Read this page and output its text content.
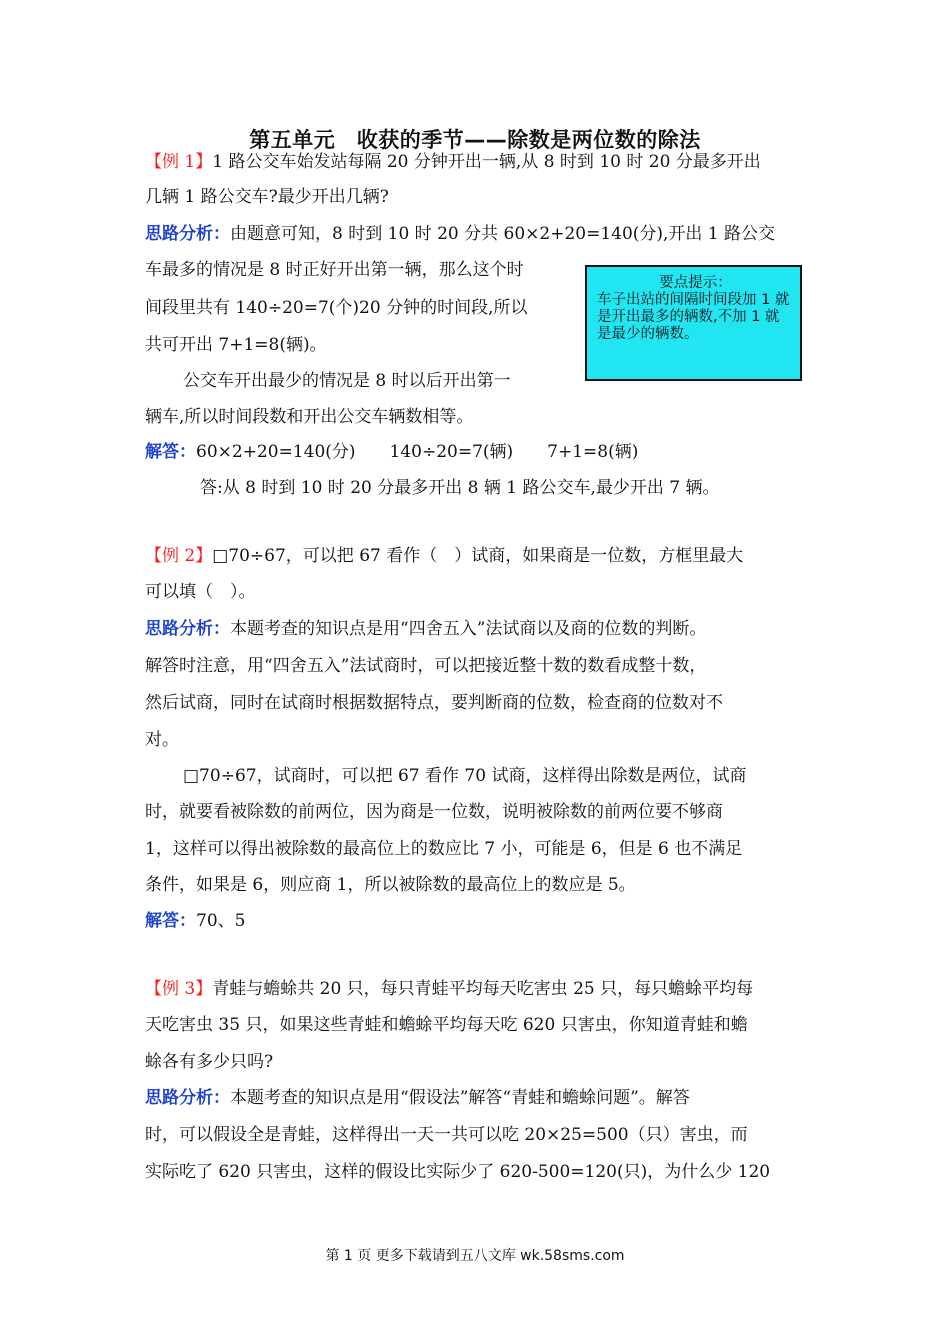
第五单元　收获的季节——除数是两位数的除法
【例 1】1 路公交车始发站每隔 20 分钟开出一辆,从 8 时到 10 时 20 分最多开出
几辆 1 路公交车?最少开出几辆?
思路分析：由题意可知，8 时到 10 时 20 分共 60×2+20=140(分),开出 1 路公交
车最多的情况是 8 时正好开出第一辆，那么这个时
间段里共有 140÷20=7(个)20 分钟的时间段,所以
共可开出 7+1=8(辆)。
公交车开出最少的情况是 8 时以后开出第一
辆车,所以时间段数和开出公交车辆数相等。
解答：60×2+20=140(分)　　140÷20=7(辆)　　7+1=8(辆)
答:从 8 时到 10 时 20 分最多开出 8 辆 1 路公交车,最少开出 7 辆。
要点提示：
车子出站的间隔时间段加 1 就是开出最多的辆数,不加 1 就是最少的辆数。
【例 2】□70÷67，可以把 67 看作（　）试商，如果商是一位数，方框里最大
可以填（　）。
思路分析：本题考查的知识点是用“四舍五入”法试商以及商的位数的判断。
解答时注意，用“四舍五入”法试商时，可以把接近整十数的数看成整十数，
然后试商，同时在试商时根据数据特点，要判断商的位数，检查商的位数对不
对。
□70÷67，试商时，可以把 67 看作 70 试商，这样得出除数是两位，试商
时，就要看被除数的前两位，因为商是一位数，说明被除数的前两位要不够商
1，这样可以得出被除数的最高位上的数应比 7 小，可能是 6，但是 6 也不满足
条件，如果是 6，则应商 1，所以被除数的最高位上的数应是 5。
解答：70、5
【例 3】青蛙与蟾蜍共 20 只，每只青蛙平均每天吃害虫 25 只，每只蟾蜍平均每
天吃害虫 35 只，如果这些青蛙和蟾蜍平均每天吃 620 只害虫，你知道青蛙和蟾
蜍各有多少只吗?
思路分析：本题考查的知识点是用“假设法”解答“青蛙和蟾蜍问题”。解答
时，可以假设全是青蛙，这样得出一天一共可以吃 20×25=500（只）害虫，而
实际吃了 620 只害虫，这样的假设比实际少了 620-500=120(只)，为什么少 120
第 1 页 更多下载请到五八文库 wk.58sms.com
